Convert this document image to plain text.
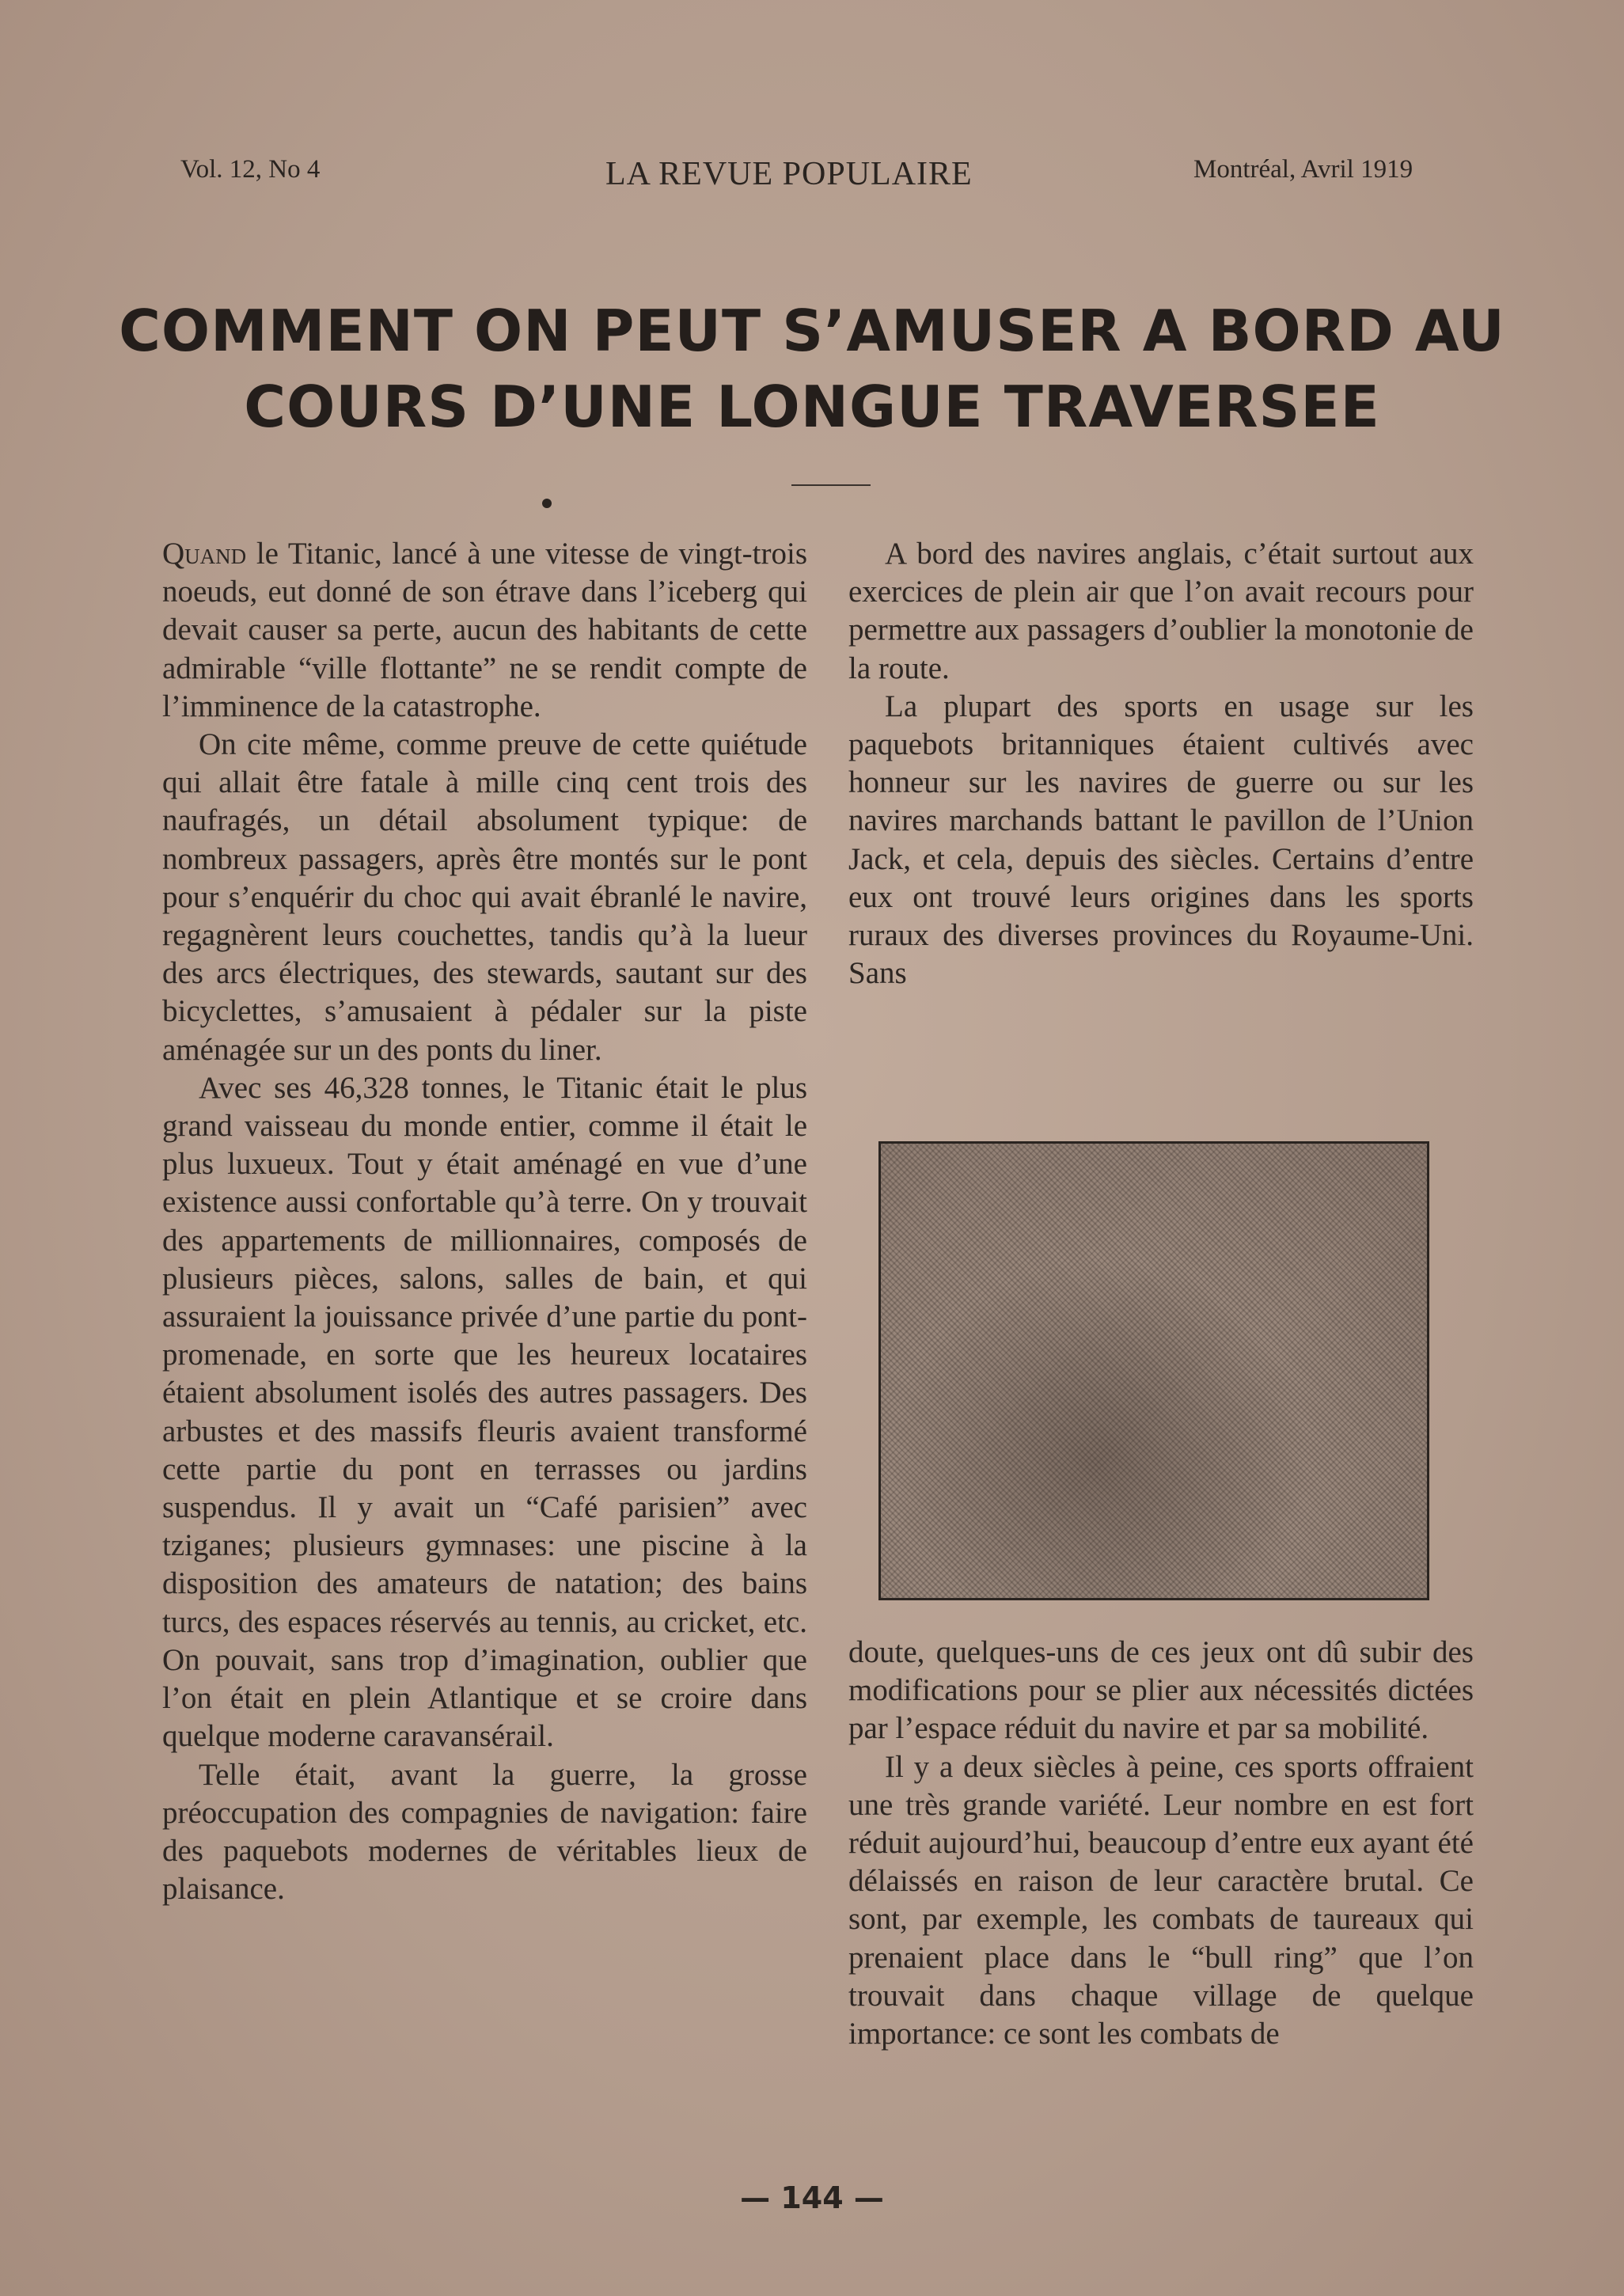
Vol. 12, No 4	LA REVUE POPULAIRE	Montréal, Avril 1919
COMMENT ON PEUT S’AMUSER A BORD AU
COURS D’UNE LONGUE TRAVERSEE

Quand le Titanic, lancé à une vitesse de vingt-trois noeuds, eut donné de son étrave dans l’iceberg qui devait causer sa perte, aucun des habitants de cette admirable “ville flottante” ne se rendit compte de l’imminence de la catastrophe.

On cite même, comme preuve de cette quiétude qui allait être fatale à mille cinq cent trois des naufragés, un détail absolument typique: de nombreux passagers, après être montés sur le pont pour s’enquérir du choc qui avait ébranlé le navire, regagnèrent leurs couchettes, tandis qu’à la lueur des arcs électriques, des stewards, sautant sur des bicyclettes, s’amusaient à pédaler sur la piste aménagée sur un des ponts du liner.

Avec ses 46,328 tonnes, le Titanic était le plus grand vaisseau du monde entier, comme il était le plus luxueux. Tout y était aménagé en vue d’une existence aussi confortable qu’à terre. On y trouvait des appartements de millionnaires, composés de plusieurs pièces, salons, salles de bain, et qui assuraient la jouissance privée d’une partie du pont-promenade, en sorte que les heureux locataires étaient absolument isolés des autres passagers. Des arbustes et des massifs fleuris avaient transformé cette partie du pont en terrasses ou jardins suspendus. Il y avait un “Café parisien” avec tziganes; plusieurs gymnases: une piscine à la disposition des amateurs de natation; des bains turcs, des espaces réservés au tennis, au cricket, etc. On pouvait, sans trop d’imagination, oublier que l’on était en plein Atlantique et se croire dans quelque moderne caravansérail.

Telle était, avant la guerre, la grosse préoccupation des compagnies de navigation: faire des paquebots modernes de véritables lieux de plaisance.

A bord des navires anglais, c’était surtout aux exercices de plein air que l’on avait recours pour permettre aux passagers d’oublier la monotonie de la route.

La plupart des sports en usage sur les paquebots britanniques étaient cultivés avec honneur sur les navires de guerre ou sur les navires marchands battant le pavillon de l’Union Jack, et cela, depuis des siècles. Certains d’entre eux ont trouvé leurs origines dans les sports ruraux des diverses provinces du Royaume-Uni. Sans

doute, quelques-uns de ces jeux ont dû subir des modifications pour se plier aux nécessités dictées par l’espace réduit du navire et par sa mobilité.

Il y a deux siècles à peine, ces sports offraient une très grande variété. Leur nombre en est fort réduit aujourd’hui, beaucoup d’entre eux ayant été délaissés en raison de leur caractère brutal. Ce sont, par exemple, les combats de taureaux qui prenaient place dans le “bull ring” que l’on trouvait dans chaque village de quelque importance: ce sont les combats de

— 144 —
